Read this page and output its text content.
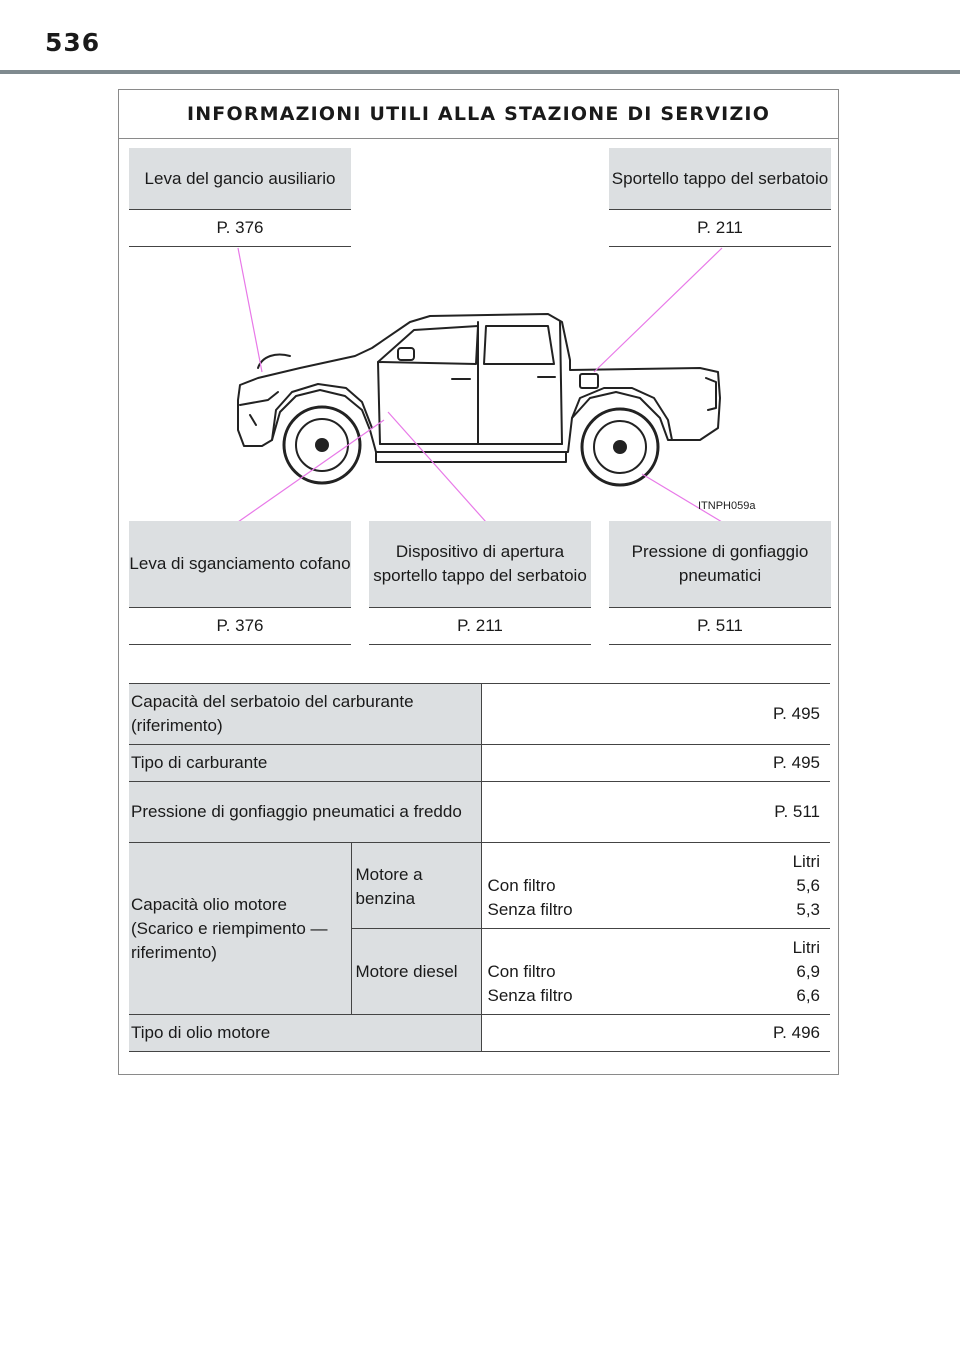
536
INFORMAZIONI UTILI ALLA STAZIONE DI SERVIZIO
Leva del gancio ausiliario
P. 376
Sportello tappo del serbatoio
P. 211
ITNPH059a
Leva di sganciamento cofano
P. 376
Dispositivo di apertura sportello tappo del serbatoio
P. 211
Pressione di gonfiaggio pneumatici
P. 511
Capacità del serbatoio del carburante (riferimento)		P. 495
Tipo di carburante		P. 495
Pressione di gonfiaggio pneumatici a freddo		P. 511
Capacità olio motore (Scarico e riempimento — riferimento)	Motore a benzina	Litri
Con filtro 5,6
Senza filtro 5,3

	Motore diesel	Litri
Con filtro 6,9
Senza filtro 6,6

Tipo di olio motore		P. 496
